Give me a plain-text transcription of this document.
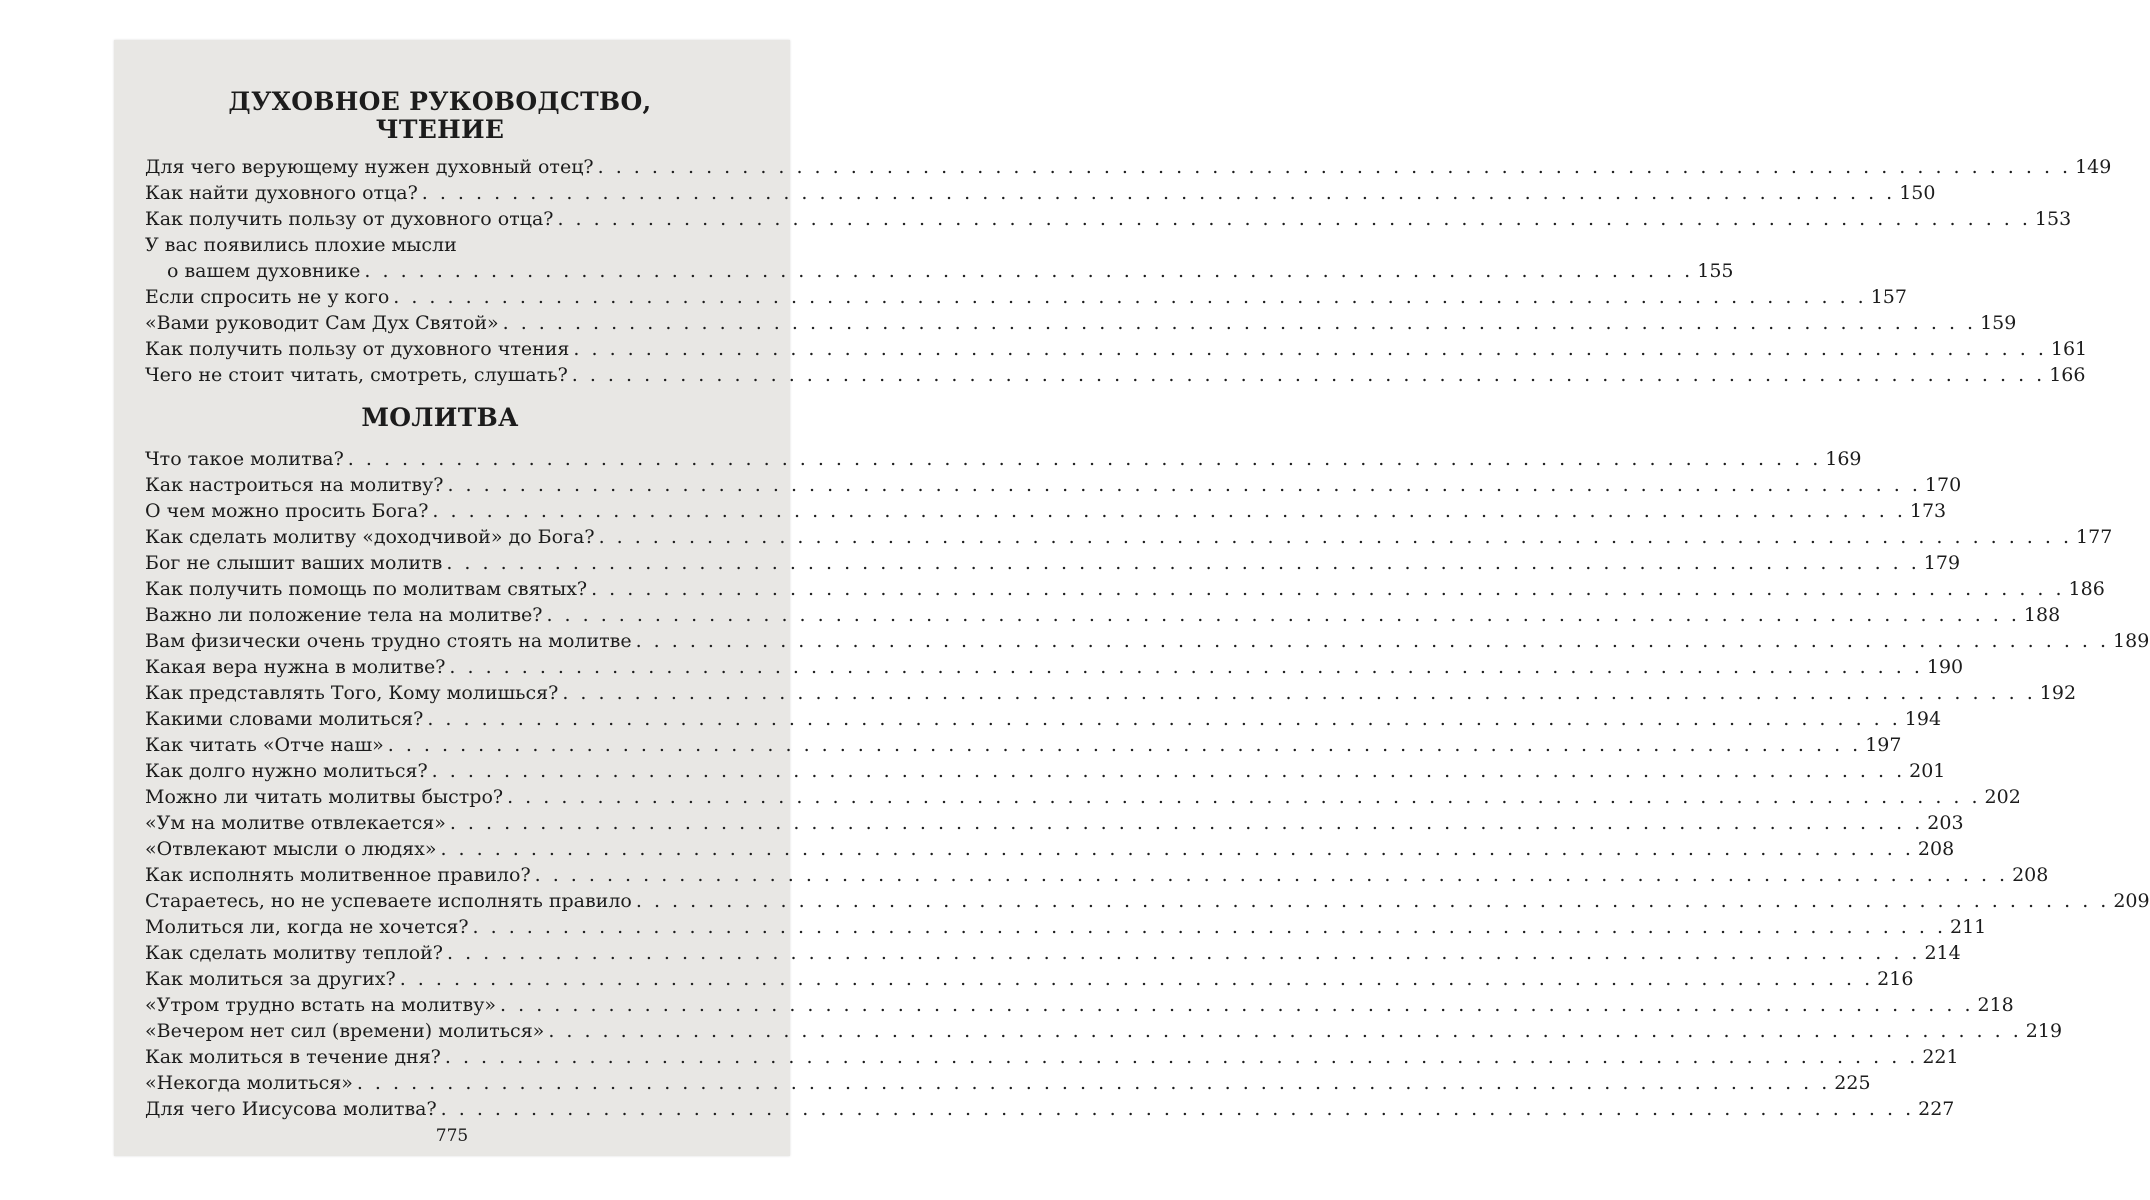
ДУХОВНОЕ РУКОВОДСТВО,
ЧТЕНИЕ
Для чего верующему нужен духовный отец? . . .	149
Как найти духовного отца? . . .	150
Как получить пользу от духовного отца? . . .	153
У вас появились плохие мысли
о вашем духовнике . . .	155
Если спросить не у кого . . .	157
«Вами руководит Сам Дух Святой» . . .	159
Как получить пользу от духовного чтения . . .	161
Чего не стоит читать, смотреть, слушать? . . .	166
МОЛИТВА
Что такое молитва? . . .	169
Как настроиться на молитву? . . .	170
О чем можно просить Бога? . . .	173
Как сделать молитву «доходчивой» до Бога? . . .	177
Бог не слышит ваших молитв . . .	179
Как получить помощь по молитвам святых? . . .	186
Важно ли положение тела на молитве? . . .	188
Вам физически очень трудно стоять на молитве . . .	189
Какая вера нужна в молитве? . . .	190
Как представлять Того, Кому молишься? . . .	192
Какими словами молиться? . . .	194
Как читать «Отче наш» . . .	197
Как долго нужно молиться? . . .	201
Можно ли читать молитвы быстро? . . .	202
«Ум на молитве отвлекается» . . .	203
«Отвлекают мысли о людях» . . .	208
Как исполнять молитвенное правило? . . .	208
Стараетесь, но не успеваете исполнять правило . . .	209
Молиться ли, когда не хочется? . . .	211
Как сделать молитву теплой? . . .	214
Как молиться за других? . . .	216
«Утром трудно встать на молитву» . . .	218
«Вечером нет сил (времени) молиться» . . .	219
Как молиться в течение дня? . . .	221
«Некогда молиться» . . .	225
Для чего Иисусова молитва? . . .	227
775
